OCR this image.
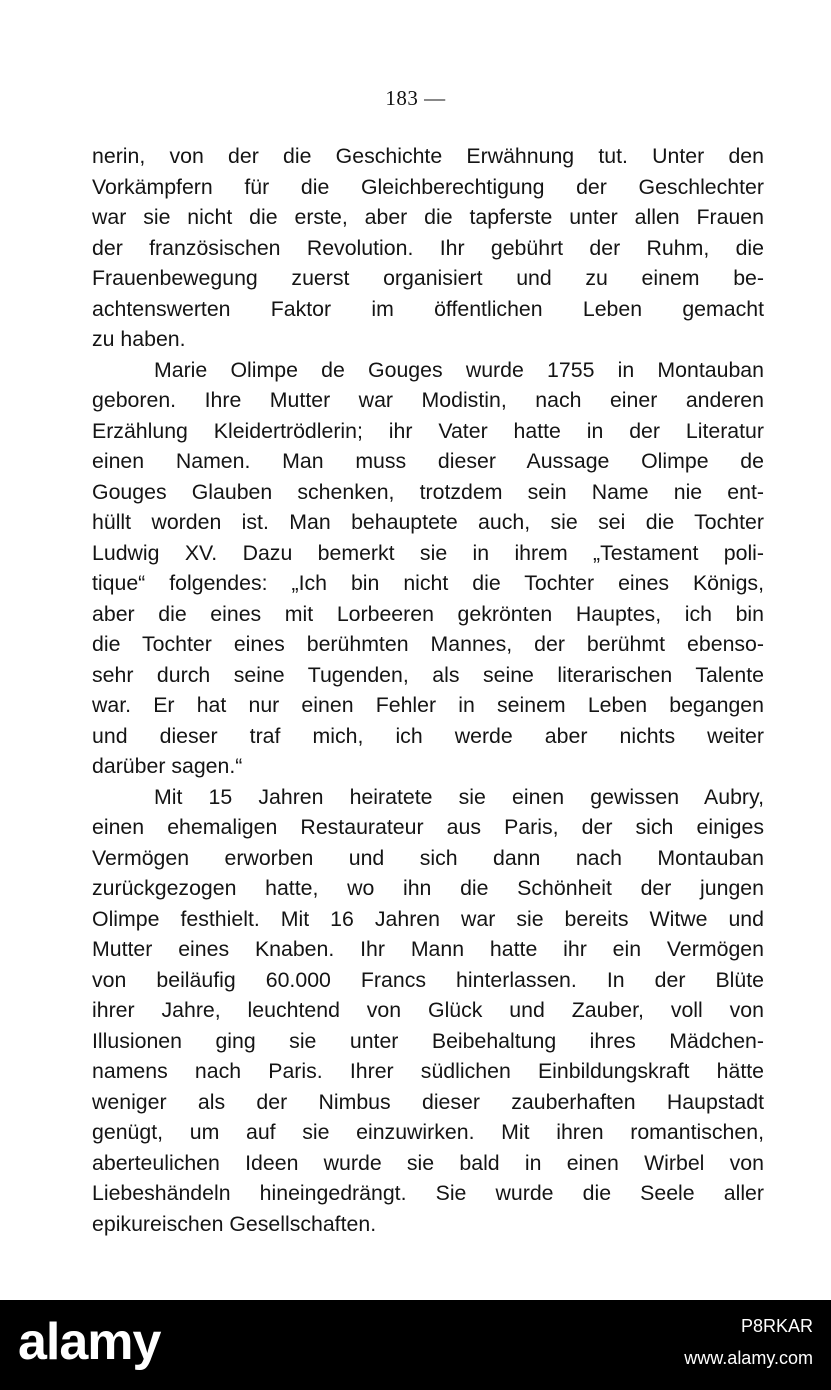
183 —
nerin, von der die Geschichte Erwähnung tut. Unter den
Vorkämpfern für die Gleichberechtigung der Geschlechter
war sie nicht die erste, aber die tapferste unter allen Frauen
der französischen Revolution. Ihr gebührt der Ruhm, die
Frauenbewegung zuerst organisiert und zu einem be-
achtenswerten Faktor im öffentlichen Leben gemacht
zu haben.
Marie Olimpe de Gouges wurde 1755 in Montauban
geboren. Ihre Mutter war Modistin, nach einer anderen
Erzählung Kleidertrödlerin; ihr Vater hatte in der Literatur
einen Namen. Man muss dieser Aussage Olimpe de
Gouges Glauben schenken, trotzdem sein Name nie ent-
hüllt worden ist. Man behauptete auch, sie sei die Tochter
Ludwig XV. Dazu bemerkt sie in ihrem „Testament poli-
tique“ folgendes: „Ich bin nicht die Tochter eines Königs,
aber die eines mit Lorbeeren gekrönten Hauptes, ich bin
die Tochter eines berühmten Mannes, der berühmt ebenso-
sehr durch seine Tugenden, als seine literarischen Talente
war. Er hat nur einen Fehler in seinem Leben begangen
und dieser traf mich, ich werde aber nichts weiter
darüber sagen.“
Mit 15 Jahren heiratete sie einen gewissen Aubry,
einen ehemaligen Restaurateur aus Paris, der sich einiges
Vermögen erworben und sich dann nach Montauban
zurückgezogen hatte, wo ihn die Schönheit der jungen
Olimpe festhielt. Mit 16 Jahren war sie bereits Witwe und
Mutter eines Knaben. Ihr Mann hatte ihr ein Vermögen
von beiläufig 60.000 Francs hinterlassen. In der Blüte
ihrer Jahre, leuchtend von Glück und Zauber, voll von
Illusionen ging sie unter Beibehaltung ihres Mädchen-
namens nach Paris. Ihrer südlichen Einbildungskraft hätte
weniger als der Nimbus dieser zauberhaften Haupstadt
genügt, um auf sie einzuwirken. Mit ihren romantischen,
aberteulichen Ideen wurde sie bald in einen Wirbel von
Liebeshändeln hineingedrängt. Sie wurde die Seele aller
epikureischen Gesellschaften.
alamy	P8RKAR
www.alamy.com
